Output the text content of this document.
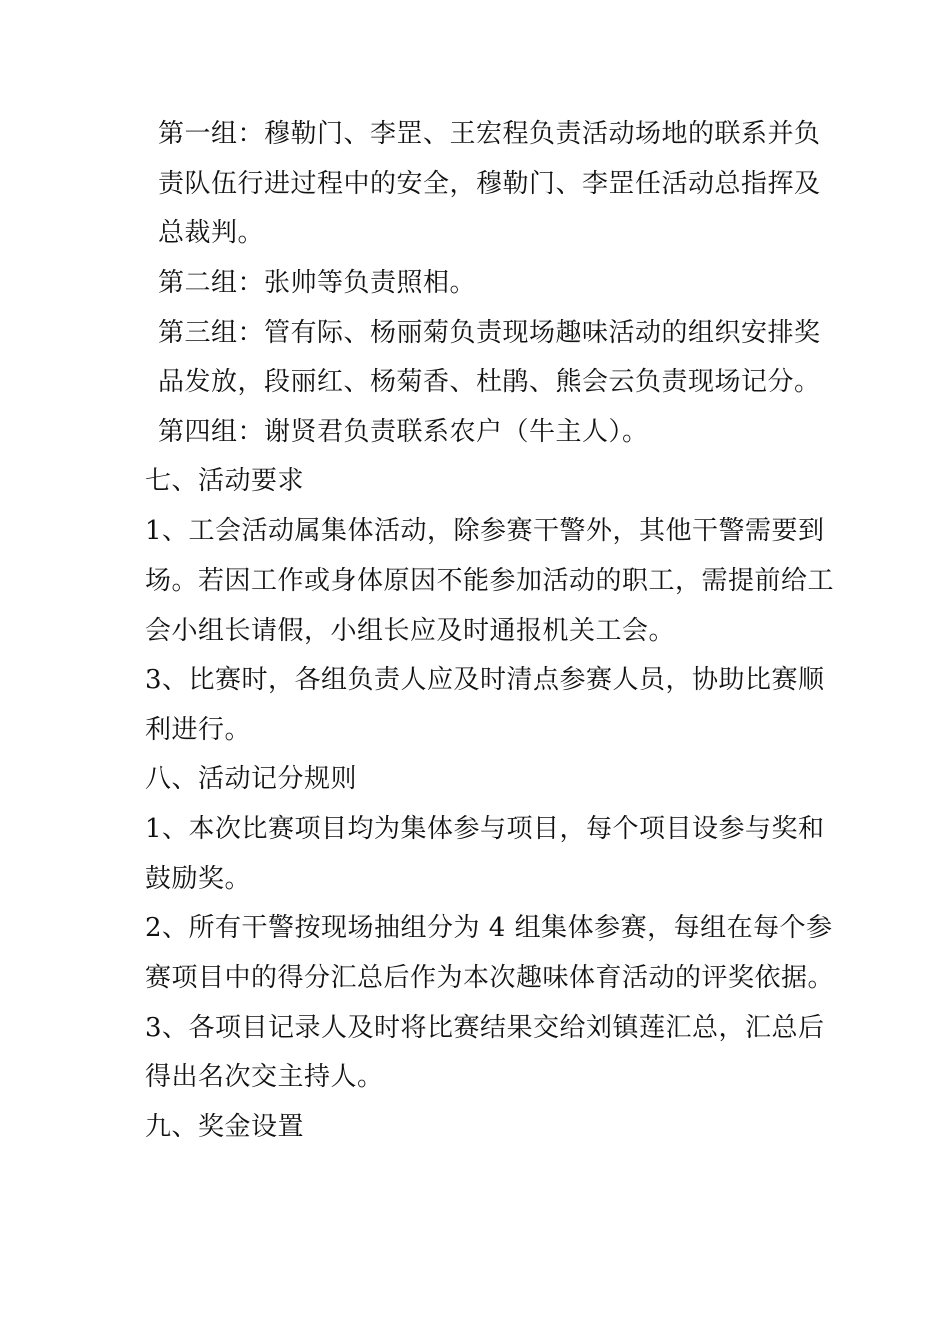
第一组：穆勒门、李罡、王宏程负责活动场地的联系并负
责队伍行进过程中的安全，穆勒门、李罡任活动总指挥及
总裁判。
第二组：张帅等负责照相。
第三组：管有际、杨丽菊负责现场趣味活动的组织安排奖
品发放，段丽红、杨菊香、杜鹃、熊会云负责现场记分。
第四组：谢贤君负责联系农户（牛主人）。
七、活动要求
1、工会活动属集体活动，除参赛干警外，其他干警需要到
场。若因工作或身体原因不能参加活动的职工，需提前给工
会小组长请假，小组长应及时通报机关工会。
3、比赛时，各组负责人应及时清点参赛人员，协助比赛顺
利进行。
八、活动记分规则
1、本次比赛项目均为集体参与项目，每个项目设参与奖和
鼓励奖。
2、所有干警按现场抽组分为 4 组集体参赛，每组在每个参
赛项目中的得分汇总后作为本次趣味体育活动的评奖依据。
3、各项目记录人及时将比赛结果交给刘镇莲汇总，汇总后
得出名次交主持人。
九、奖金设置
